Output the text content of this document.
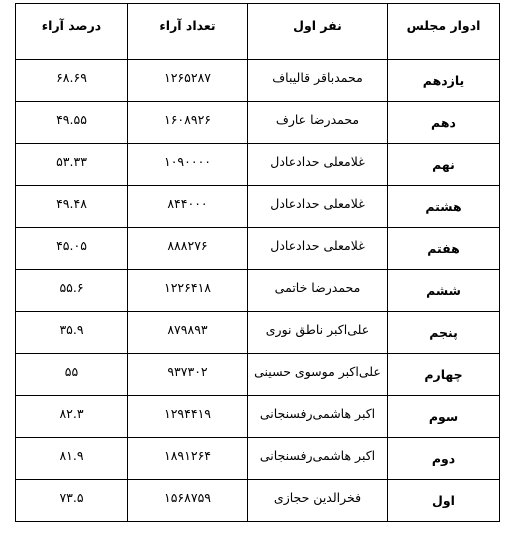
ادوار مجلس	نفر اول	تعداد آراء	درصد آراء
یازدهم	محمدباقر قالیباف	۱۲۶۵۲۸۷	۶۸.۶۹
دهم	محمدرضا عارف	۱۶۰۸۹۲۶	۴۹.۵۵
نهم	غلامعلی حدادعادل	۱۰۹۰۰۰۰	۵۳.۳۳
هشتم	غلامعلی حدادعادل	۸۴۴۰۰۰	۴۹.۴۸
هفتم	غلامعلی حدادعادل	۸۸۸۲۷۶	۴۵.۰۵
ششم	محمدرضا خاتمی	۱۲۲۶۴۱۸	۵۵.۶
پنجم	علی‌اکبر ناطق نوری	۸۷۹۸۹۳	۳۵.۹
چهارم	علی‌اکبر موسوی حسینی	۹۳۷۳۰۲	۵۵
سوم	اکبر هاشمی‌رفسنجانی	۱۲۹۴۴۱۹	۸۲.۳
دوم	اکبر هاشمی‌رفسنجانی	۱۸۹۱۲۶۴	۸۱.۹
اول	فخرالدین حجازی	۱۵۶۸۷۵۹	۷۳.۵
